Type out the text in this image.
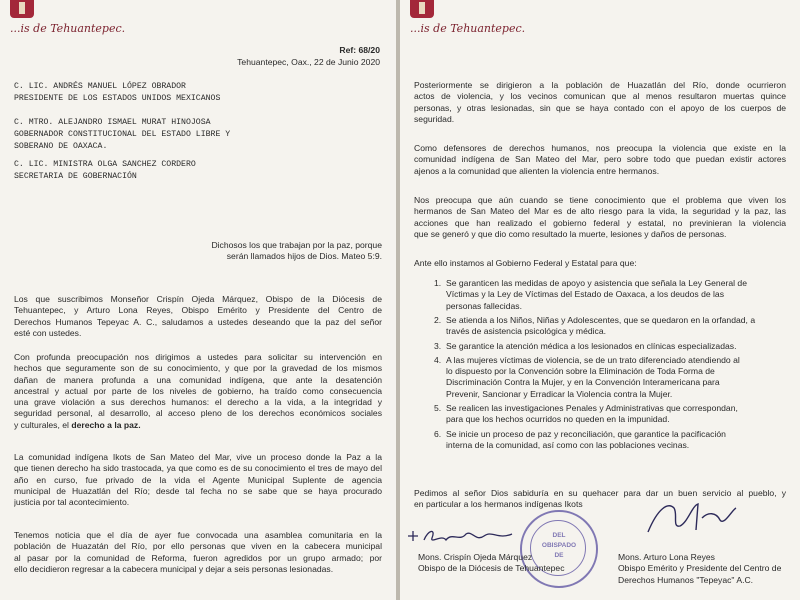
...is de Tehuantepec.
Ref: 68/20
Tehuantepec, Oax., 22 de Junio 2020
C. LIC. ANDRÉS MANUEL LÓPEZ OBRADOR
PRESIDENTE DE LOS ESTADOS UNIDOS MEXICANOS
C. MTRO. ALEJANDRO ISMAEL MURAT HINOJOSA
GOBERNADOR CONSTITUCIONAL DEL ESTADO LIBRE Y
SOBERANO DE OAXACA.
C. LIC. MINISTRA OLGA SANCHEZ CORDERO
SECRETARIA DE GOBERNACIÓN
Dichosos los que trabajan por la paz, porque
serán llamados hijos de Dios. Mateo 5:9.
Los que suscribimos Monseñor Crispín Ojeda Márquez, Obispo de la Diócesis de
Tehuantepec, y Arturo Lona Reyes, Obispo Emérito y Presidente del Centro de
Derechos Humanos Tepeyac A. C., saludamos a ustedes deseando que la paz del señor
esté con ustedes.
Con profunda preocupación nos dirigimos a ustedes para solicitar su intervención en
hechos que seguramente son de su conocimiento, y que por la gravedad de los mismos
dañan de manera profunda a una comunidad indígena, que ante la desatención
ancestral y actual por parte de los niveles de gobierno, ha traído como consecuencia
una grave violación a sus derechos humanos: el derecho a la vida, a la integridad y
seguridad personal, al desarrollo, al acceso pleno de los derechos económicos sociales
y culturales, el derecho a la paz.
La comunidad indígena Ikots de San Mateo del Mar, vive un proceso donde la Paz a la
que tienen derecho ha sido trastocada, ya que como es de su conocimiento el tres de mayo del
año en curso, fue privado de la vida el Agente Municipal Suplente de agencia
municipal de Huazatlán del Río; desde tal fecha no se sabe que se haya procurado
justicia por tal acontecimiento.
Tenemos noticia que el día de ayer fue convocada una asamblea comunitaria en la
población de Huazatán del Río, por ello personas que viven en la cabecera municipal
al pasar por la comunidad de Reforma, fueron agredidos por un grupo armado; por
ello decidieron regresar a la cabecera municipal y dejar a seis personas lesionadas.
...is de Tehuantepec.
Posteriormente se dirigieron a la población de Huazatlán del Río, donde ocurrieron
actos de violencia, y los vecinos comunican que al menos resultaron muertas quince
personas, y otras lesionadas, sin que se haya contado con el apoyo de los cuerpos de
seguridad.
Como defensores de derechos humanos, nos preocupa la violencia que existe en la
comunidad indígena de San Mateo del Mar, pero sobre todo que puedan existir actores
ajenos a la comunidad que alienten la violencia entre hermanos.
Nos preocupa que aún cuando se tiene conocimiento que el problema que viven los
hermanos de San Mateo del Mar es de alto riesgo para la vida, la seguridad y la paz, las
acciones que han realizado el gobierno federal y estatal, no previnieran la violencia
que se generó y que dio como resultado la muerte, lesiones y daños de personas.
Ante ello instamos al Gobierno Federal y Estatal para que:
1. Se garanticen las medidas de apoyo y asistencia que señala la Ley General de
Víctimas y la Ley de Víctimas del Estado de Oaxaca, a los deudos de las
personas fallecidas.
2. Se atienda a los Niños, Niñas y Adolescentes, que se quedaron en la orfandad, a
través de asistencia psicológica y médica.
3. Se garantice la atención médica a los lesionados en clínicas especializadas.
4. A las mujeres víctimas de violencia, se de un trato diferenciado atendiendo al
lo dispuesto por la Convención sobre la Eliminación de Toda Forma de
Discriminación Contra la Mujer, y en la Convención Interamericana para
Prevenir, Sancionar y Erradicar la Violencia contra la Mujer.
5. Se realicen las investigaciones Penales y Administrativas que correspondan,
para que los hechos ocurridos no queden en la impunidad.
6. Se inicie un proceso de paz y reconciliación, que garantice la pacificación
interna de la comunidad, así como con las poblaciones vecinas.
Pedimos al señor Dios sabiduría en su quehacer para dar un buen servicio al pueblo, y
en particular a los hermanos indígenas Ikots
DEL
OBISPADO
DE
Mons. Crispín Ojeda Márquez
Obispo de la Diócesis de Tehuantepec
Mons. Arturo Lona Reyes
Obispo Emérito y Presidente del Centro de
Derechos Humanos "Tepeyac" A.C.
